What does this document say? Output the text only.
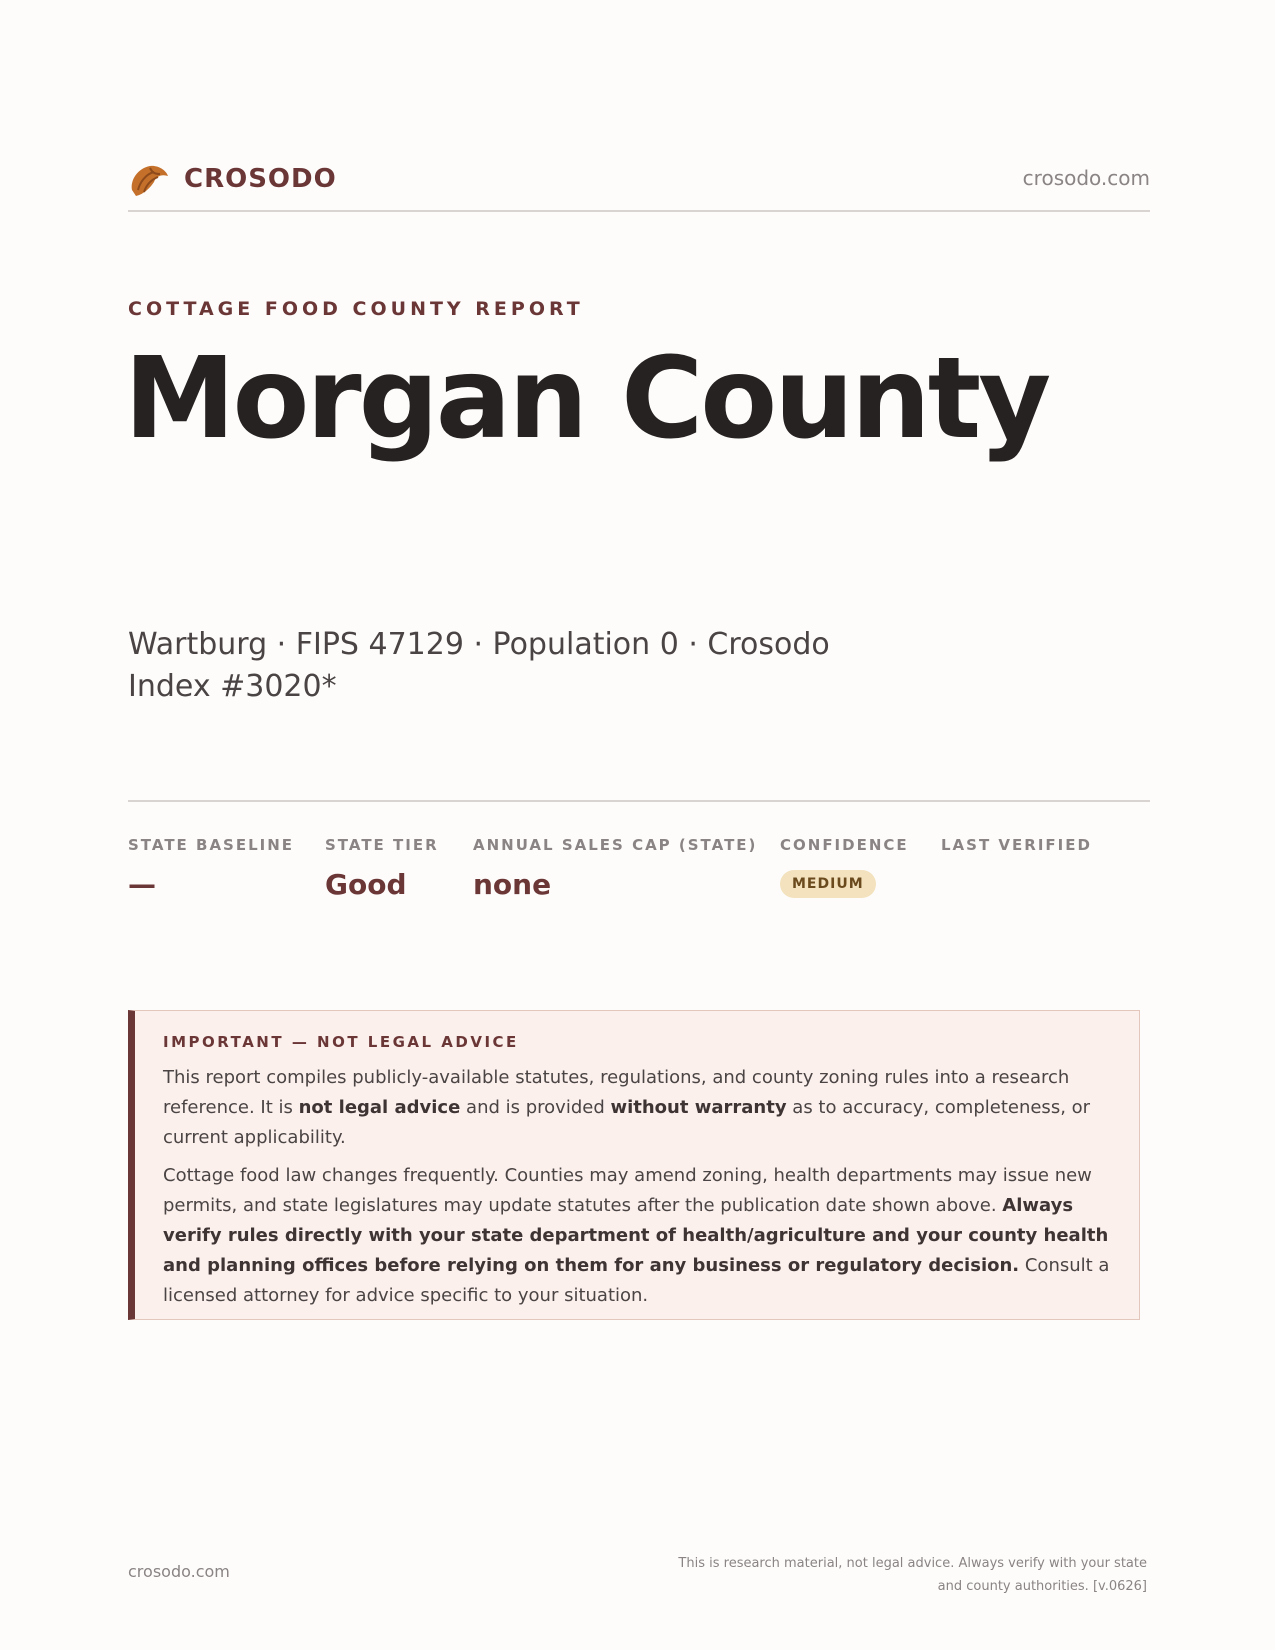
CROSODO	crosodo.com
COTTAGE FOOD COUNTY REPORT
Morgan County
Wartburg · FIPS 47129 · Population 0 · Crosodo Index #3020*
STATE BASELINE
—
STATE TIER
Good
ANNUAL SALES CAP (STATE)
none
CONFIDENCE
MEDIUM
LAST VERIFIED
IMPORTANT — NOT LEGAL ADVICE

This report compiles publicly-available statutes, regulations, and county zoning rules into a research reference. It is not legal advice and is provided without warranty as to accuracy, completeness, or current applicability.

Cottage food law changes frequently. Counties may amend zoning, health departments may issue new permits, and state legislatures may update statutes after the publication date shown above. Always verify rules directly with your state department of health/agriculture and your county health and planning offices before relying on them for any business or regulatory decision. Consult a licensed attorney for advice specific to your situation.

crosodo.com	This is research material, not legal advice. Always verify with your state
and county authorities. [v.0626]
